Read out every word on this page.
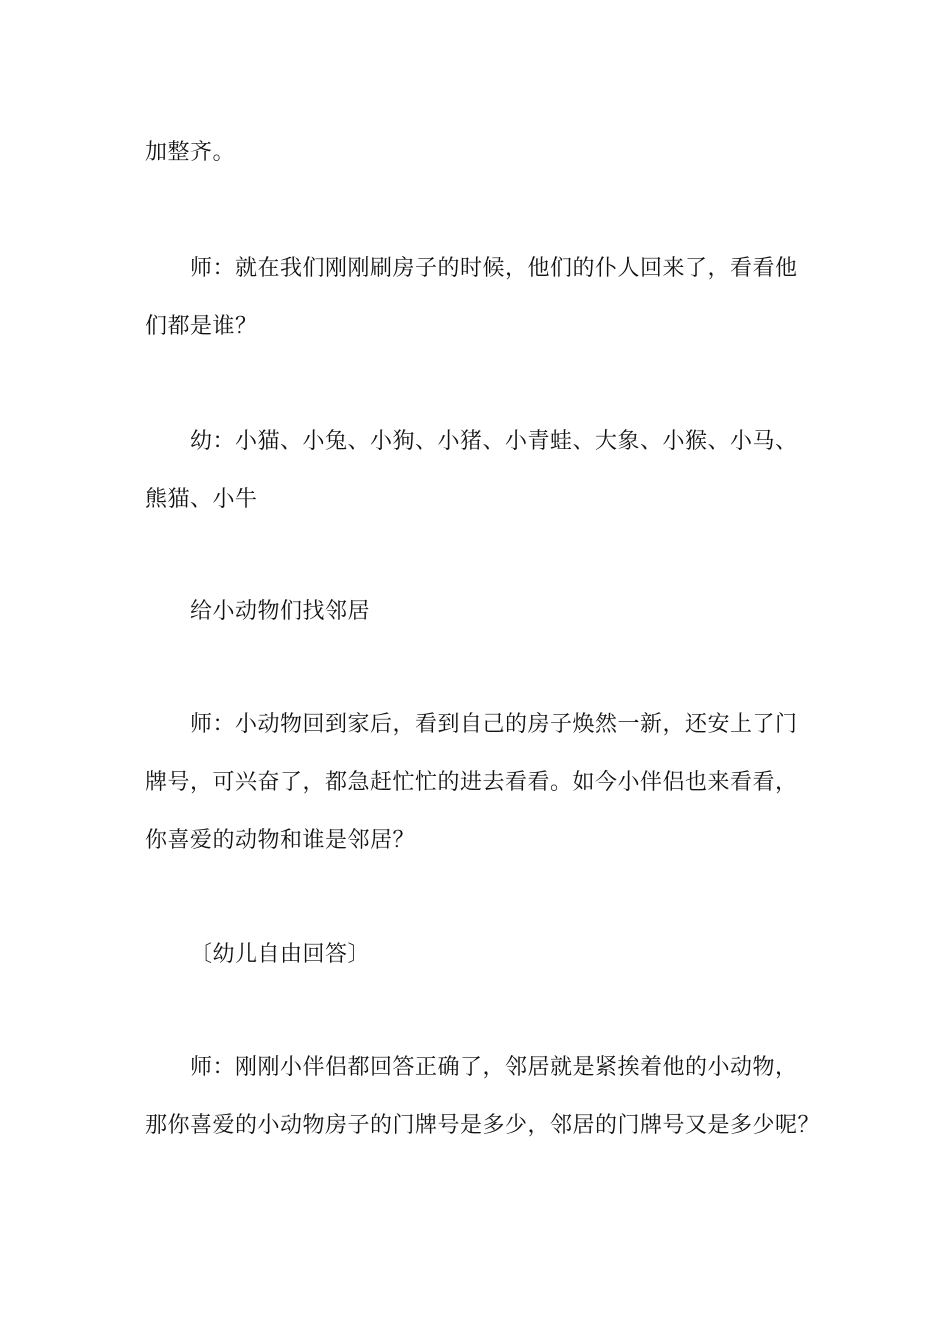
加整齐。
师：就在我们刚刚刷房子的时候，他们的仆人回来了，看看他
们都是谁？
幼：小猫、小兔、小狗、小猪、小青蛙、大象、小猴、小马、
熊猫、小牛
给小动物们找邻居
师：小动物回到家后，看到自己的房子焕然一新，还安上了门
牌号，可兴奋了，都急赶忙忙的进去看看。如今小伴侣也来看看，
你喜爱的动物和谁是邻居？
〔幼儿自由回答〕
师：刚刚小伴侣都回答正确了，邻居就是紧挨着他的小动物，
那你喜爱的小动物房子的门牌号是多少，邻居的门牌号又是多少呢？
